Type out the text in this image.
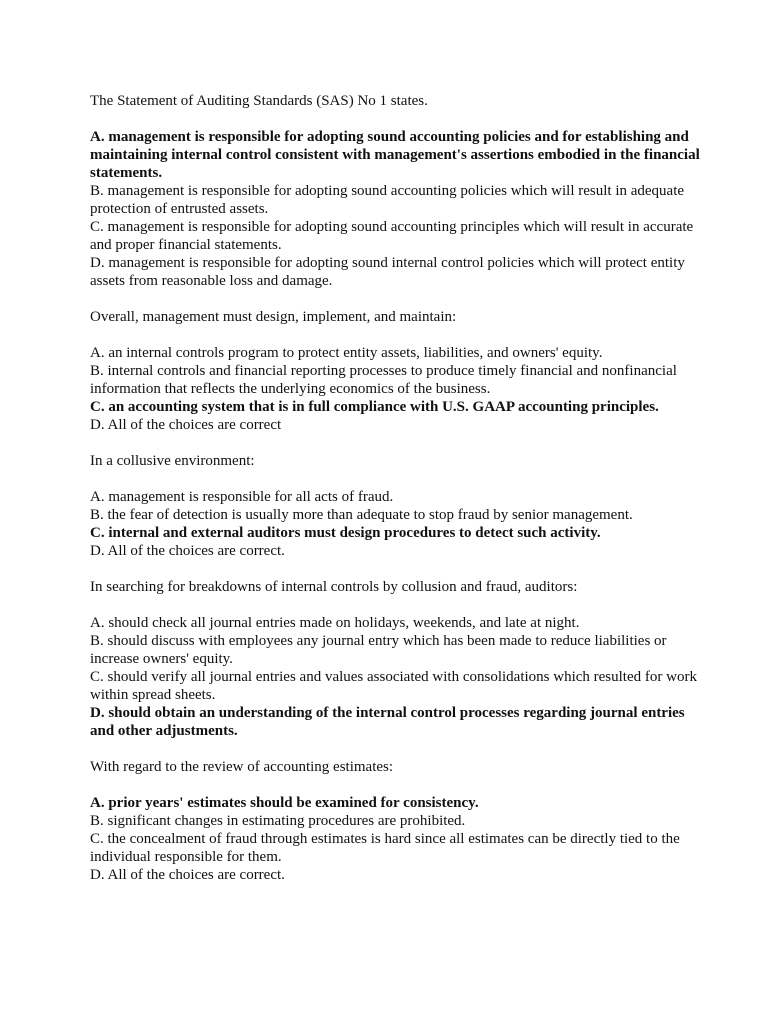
The Statement of Auditing Standards (SAS) No 1 states.

A. management is responsible for adopting sound accounting policies and for establishing and maintaining internal control consistent with management's assertions embodied in the financial statements.

B. management is responsible for adopting sound accounting policies which will result in adequate protection of entrusted assets.

C. management is responsible for adopting sound accounting principles which will result in accurate and proper financial statements.

D. management is responsible for adopting sound internal control policies which will protect entity assets from reasonable loss and damage.

Overall, management must design, implement, and maintain:

A. an internal controls program to protect entity assets, liabilities, and owners' equity.

B. internal controls and financial reporting processes to produce timely financial and nonfinancial information that reflects the underlying economics of the business.

C. an accounting system that is in full compliance with U.S. GAAP accounting principles.

D. All of the choices are correct

In a collusive environment:

A. management is responsible for all acts of fraud.

B. the fear of detection is usually more than adequate to stop fraud by senior management.

C. internal and external auditors must design procedures to detect such activity.

D. All of the choices are correct.

In searching for breakdowns of internal controls by collusion and fraud, auditors:

A. should check all journal entries made on holidays, weekends, and late at night.

B. should discuss with employees any journal entry which has been made to reduce liabilities or increase owners' equity.

C. should verify all journal entries and values associated with consolidations which resulted for work within spread sheets.

D. should obtain an understanding of the internal control processes regarding journal entries and other adjustments.

With regard to the review of accounting estimates:

A. prior years' estimates should be examined for consistency.

B. significant changes in estimating procedures are prohibited.

C. the concealment of fraud through estimates is hard since all estimates can be directly tied to the individual responsible for them.

D. All of the choices are correct.
